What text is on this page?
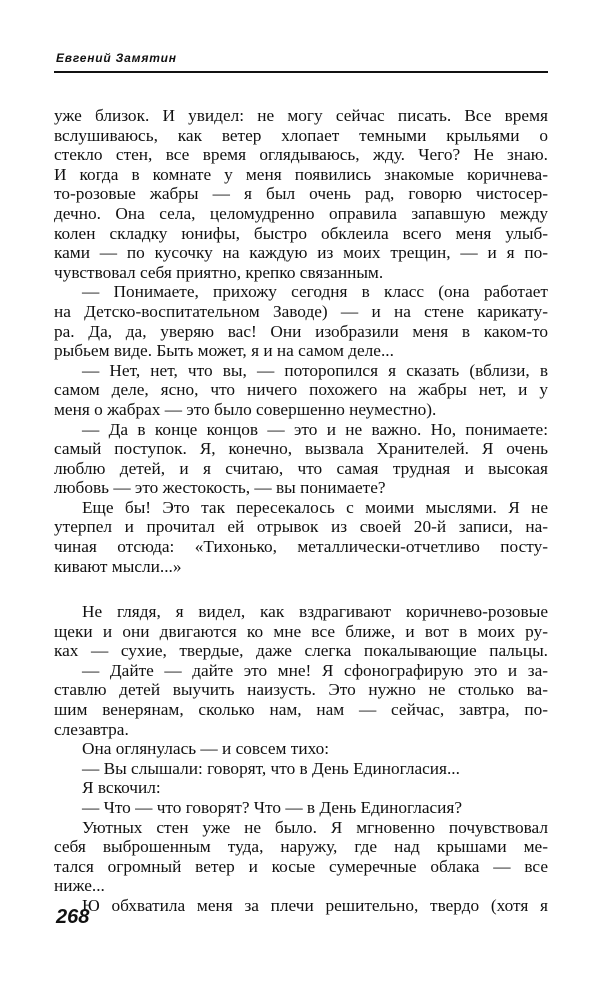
Евгений Замятин
уже близок. И увидел: не могу сейчас писать. Все время
вслушиваюсь, как ветер хлопает темными крыльями о
стекло стен, все время оглядываюсь, жду. Чего? Не знаю.
И когда в комнате у меня появились знакомые коричнева-
то-розовые жабры — я был очень рад, говорю чистосер-
дечно. Она села, целомудренно оправила запавшую между
колен складку юнифы, быстро обклеила всего меня улыб-
ками — по кусочку на каждую из моих трещин, — и я по-
чувствовал себя приятно, крепко связанным.
— Понимаете, прихожу сегодня в класс (она работает
на Детско-воспитательном Заводе) — и на стене карикату-
ра. Да, да, уверяю вас! Они изобразили меня в каком-то
рыбьем виде. Быть может, я и на самом деле...
— Нет, нет, что вы, — поторопился я сказать (вблизи, в
самом деле, ясно, что ничего похожего на жабры нет, и у
меня о жабрах — это было совершенно неуместно).
— Да в конце концов — это и не важно. Но, понимаете:
самый поступок. Я, конечно, вызвала Хранителей. Я очень
люблю детей, и я считаю, что самая трудная и высокая
любовь — это жестокость, — вы понимаете?
Еще бы! Это так пересекалось с моими мыслями. Я не
утерпел и прочитал ей отрывок из своей 20-й записи, на-
чиная отсюда: «Тихонько, металлически-отчетливо посту-
кивают мысли...»
Не глядя, я видел, как вздрагивают коричнево-розовые
щеки и они двигаются ко мне все ближе, и вот в моих ру-
ках — сухие, твердые, даже слегка покалывающие пальцы.
— Дайте — дайте это мне! Я сфонографирую это и за-
ставлю детей выучить наизусть. Это нужно не столько ва-
шим венерянам, сколько нам, нам — сейчас, завтра, по-
слезавтра.
Она оглянулась — и совсем тихо:
— Вы слышали: говорят, что в День Единогласия...
Я вскочил:
— Что — что говорят? Что — в День Единогласия?
Уютных стен уже не было. Я мгновенно почувствовал
себя выброшенным туда, наружу, где над крышами ме-
тался огромный ветер и косые сумеречные облака — все
ниже...
Ю обхватила меня за плечи решительно, твердо (хотя я
268
